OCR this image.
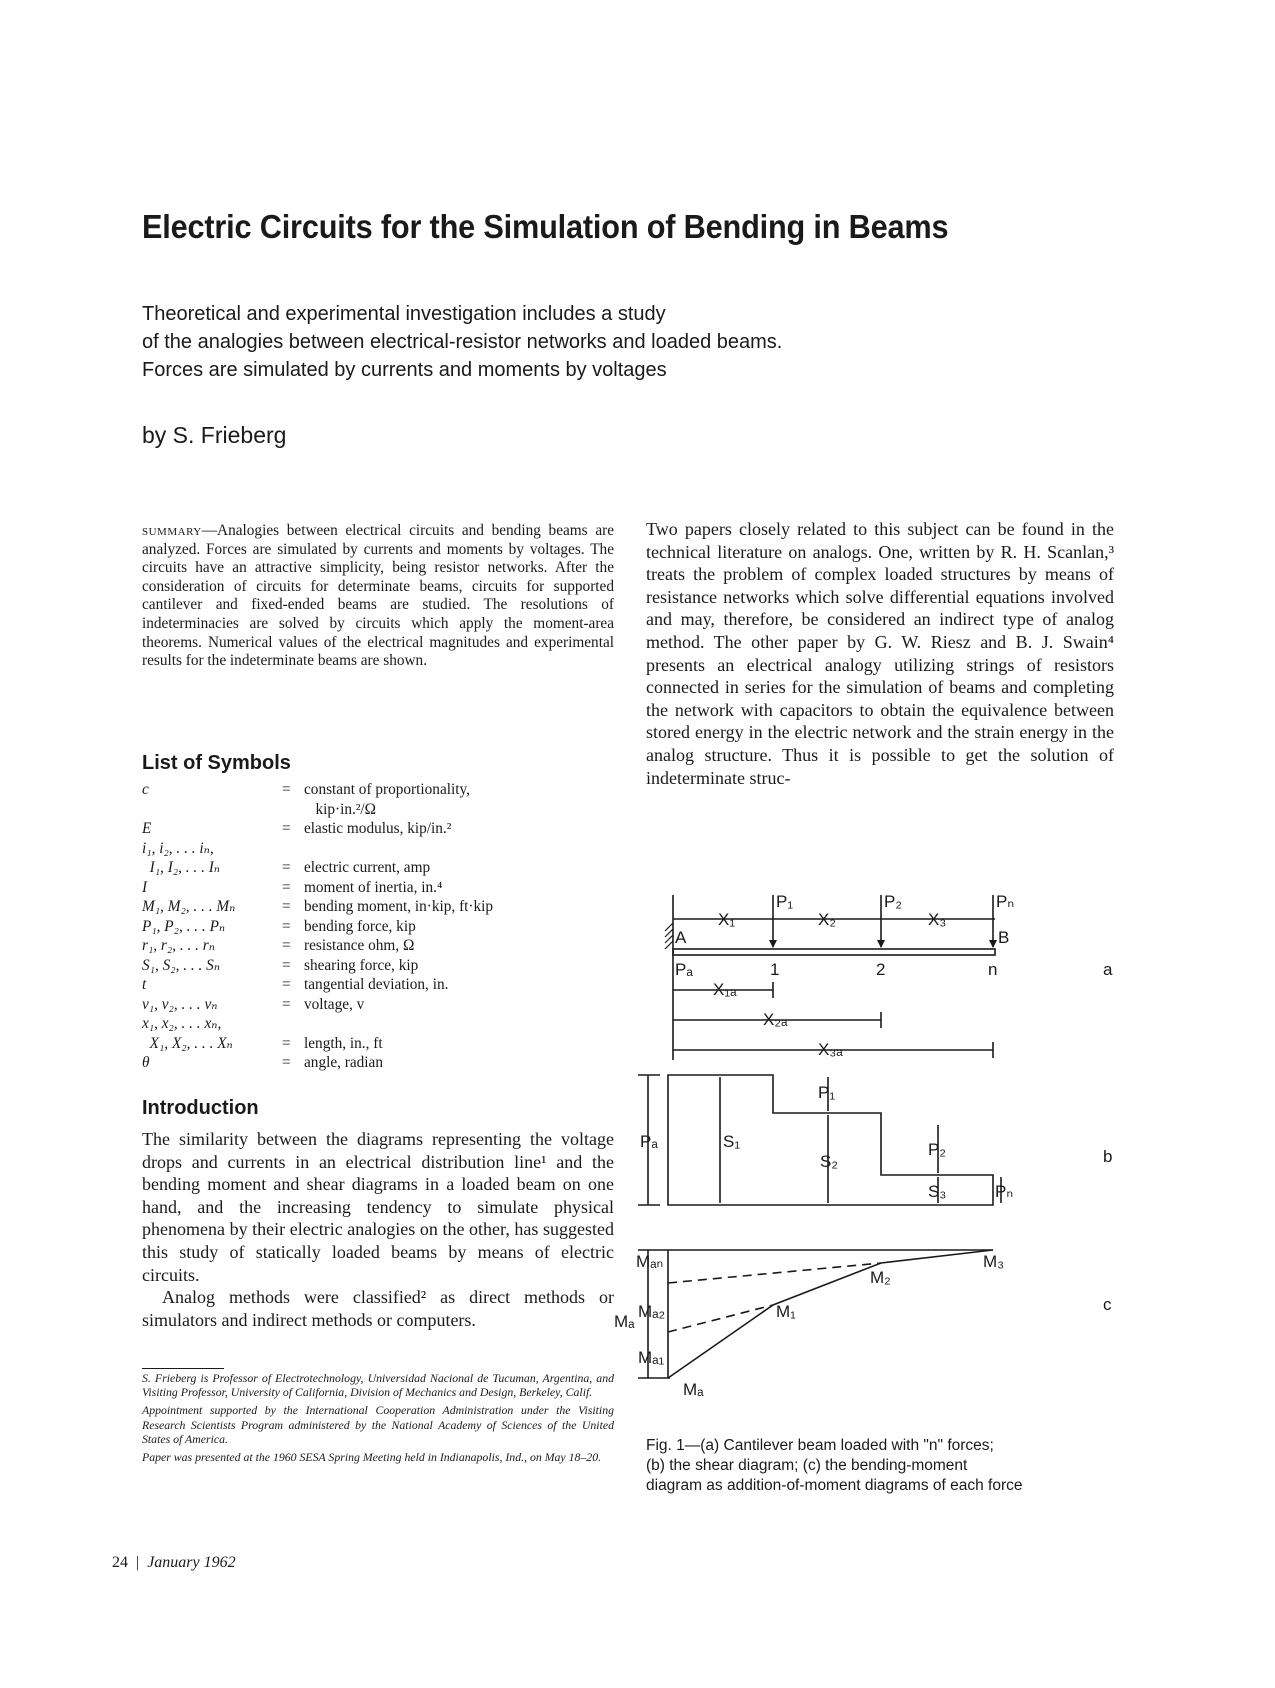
Electric Circuits for the Simulation of Bending in Beams
Theoretical and experimental investigation includes a study
of the analogies between electrical-resistor networks and loaded beams.
Forces are simulated by currents and moments by voltages
by S. Frieberg
summary—Analogies between electrical circuits and bending beams are analyzed. Forces are simulated by currents and moments by voltages. The circuits have an attractive simplicity, being resistor networks. After the consideration of circuits for determinate beams, circuits for supported cantilever and fixed-ended beams are studied. The resolutions of indeterminacies are solved by circuits which apply the moment-area theorems. Numerical values of the electrical magnitudes and experimental results for the indeterminate beams are shown.
List of Symbols
c	= constant of proportionality,
kip·in.²/Ω
E	= elastic modulus, kip/in.²
i₁, i₂, . . . iₙ,
I₁, I₂, . . . Iₙ	= electric current, amp
I	= moment of inertia, in.⁴
M₁, M₂, . . . Mₙ	= bending moment, in·kip, ft·kip
P₁, P₂, . . . Pₙ	= bending force, kip
r₁, r₂, . . . rₙ	= resistance ohm, Ω
S₁, S₂, . . . Sₙ	= shearing force, kip
t	= tangential deviation, in.
v₁, v₂, . . . vₙ	= voltage, v
x₁, x₂, . . . xₙ,
X₁, X₂, . . . Xₙ	= length, in., ft
θ	= angle, radian
Introduction

The similarity between the diagrams representing the voltage drops and currents in an electrical distribution line¹ and the bending moment and shear diagrams in a loaded beam on one hand, and the increasing tendency to simulate physical phenomena by their electric analogies on the other, has suggested this study of statically loaded beams by means of electric circuits.

Analog methods were classified² as direct methods or simulators and indirect methods or computers.

S. Frieberg is Professor of Electrotechnology, Universidad Nacional de Tucuman, Argentina, and Visiting Professor, University of California, Division of Mechanics and Design, Berkeley, Calif.

Appointment supported by the International Cooperation Administration under the Visiting Research Scientists Program administered by the National Academy of Sciences of the United States of America.

Paper was presented at the 1960 SESA Spring Meeting held in Indianapolis, Ind., on May 18–20.

24 | January 1962

Two papers closely related to this subject can be found in the technical literature on analogs. One, written by R. H. Scanlan,³ treats the problem of complex loaded structures by means of resistance networks which solve differential equations involved and may, therefore, be considered an indirect type of analog method. The other paper by G. W. Riesz and B. J. Swain⁴ presents an electrical analogy utilizing strings of resistors connected in series for the simulation of beams and completing the network with capacitors to obtain the equivalence between stored energy in the electric network and the strain energy in the analog structure. Thus it is possible to get the solution of indeterminate struc-

P₁	P₂	Pₙ
X₁	X₂	X₃
A	B
1	2	n
Pₐ
X₁ₐ
X₂ₐ
X₃ₐ
a
Pₐ	S₁
P₁
S₂
P₂
S₃	Pₙ
b
Mₐₙ
M₂
M₃
Mₐ₂	M₁
Mₐ
Mₐ₁
Mₐ
c
Fig. 1—(a) Cantilever beam loaded with "n" forces;
(b) the shear diagram; (c) the bending-moment
diagram as addition-of-moment diagrams of each force
